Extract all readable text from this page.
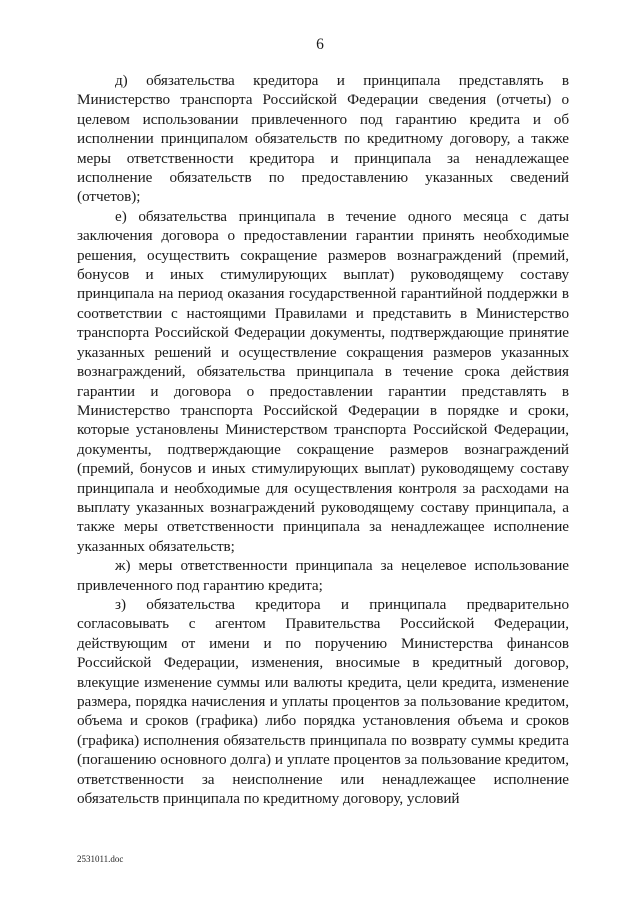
6

д) обязательства кредитора и принципала представлять в Министерство транспорта Российской Федерации сведения (отчеты) о целевом использовании привлеченного под гарантию кредита и об исполнении принципалом обязательств по кредитному договору, а также меры ответственности кредитора и принципала за ненадлежащее исполнение обязательств по предоставлению указанных сведений (отчетов);

е) обязательства принципала в течение одного месяца с даты заключения договора о предоставлении гарантии принять необходимые решения, осуществить сокращение размеров вознаграждений (премий, бонусов и иных стимулирующих выплат) руководящему составу принципала на период оказания государственной гарантийной поддержки в соответствии с настоящими Правилами и представить в Министерство транспорта Российской Федерации документы, подтверждающие принятие указанных решений и осуществление сокращения размеров указанных вознаграждений, обязательства принципала в течение срока действия гарантии и договора о предоставлении гарантии представлять в Министерство транспорта Российской Федерации в порядке и сроки, которые установлены Министерством транспорта Российской Федерации, документы, подтверждающие сокращение размеров вознаграждений (премий, бонусов и иных стимулирующих выплат) руководящему составу принципала и необходимые для осуществления контроля за расходами на выплату указанных вознаграждений руководящему составу принципала, а также меры ответственности принципала за ненадлежащее исполнение указанных обязательств;

ж) меры ответственности принципала за нецелевое использование привлеченного под гарантию кредита;

з) обязательства кредитора и принципала предварительно согласовывать с агентом Правительства Российской Федерации, действующим от имени и по поручению Министерства финансов Российской Федерации, изменения, вносимые в кредитный договор, влекущие изменение суммы или валюты кредита, цели кредита, изменение размера, порядка начисления и уплаты процентов за пользование кредитом, объема и сроков (графика) либо порядка установления объема и сроков (графика) исполнения обязательств принципала по возврату суммы кредита (погашению основного долга) и уплате процентов за пользование кредитом, ответственности за неисполнение или ненадлежащее исполнение обязательств принципала по кредитному договору, условий

2531011.doc
